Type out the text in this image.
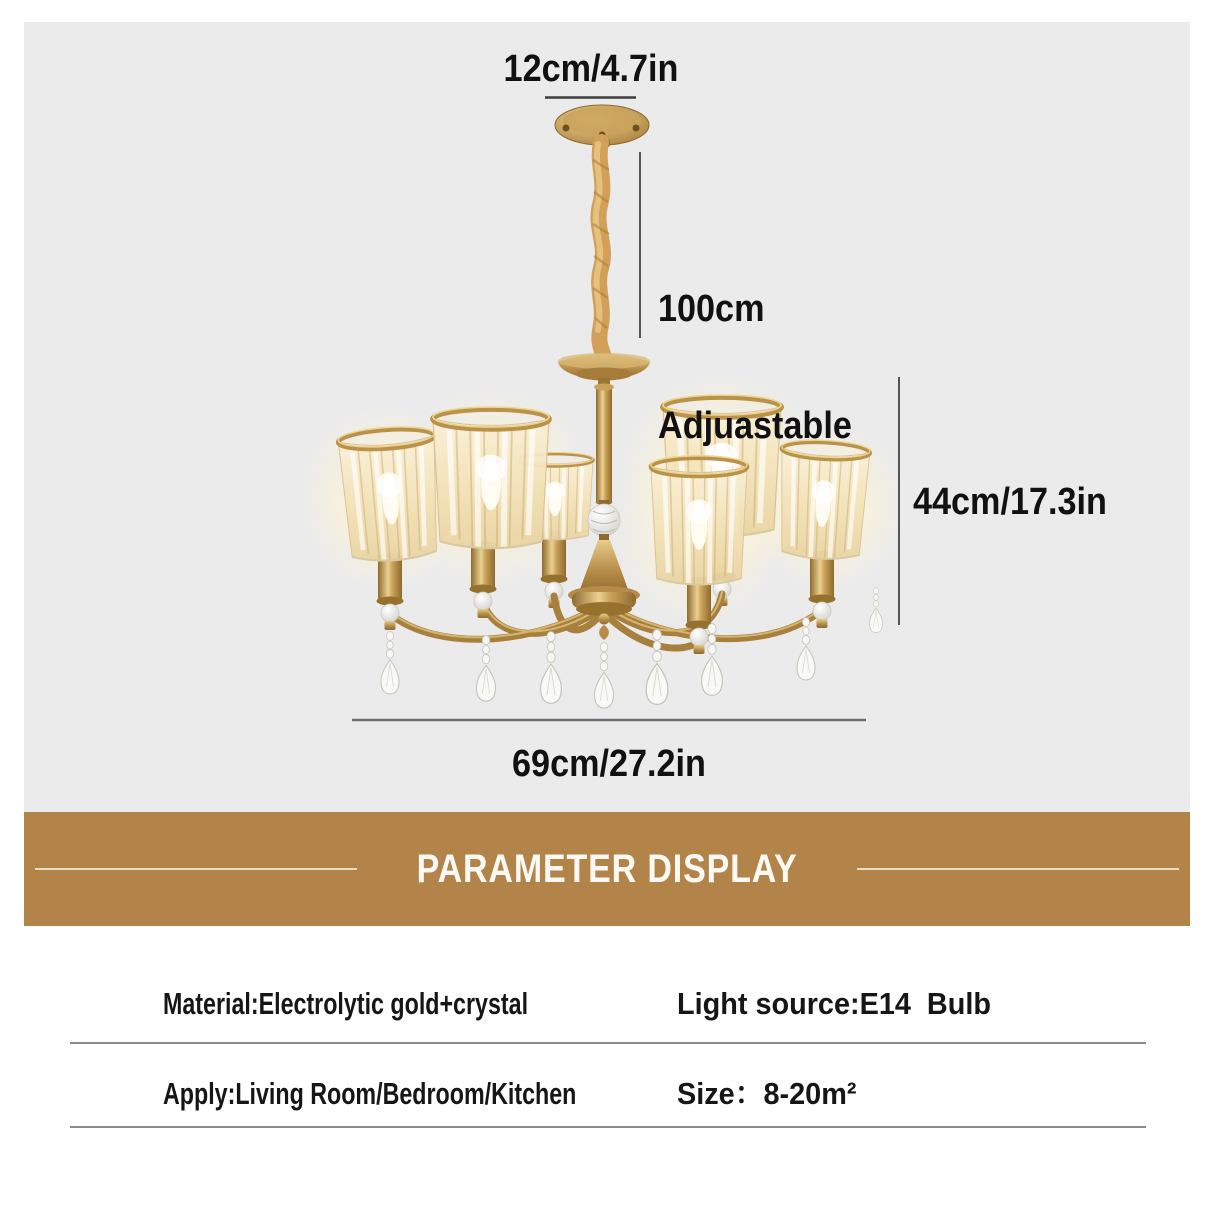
12cm/4.7in

100cm

Adjuastable

44cm/17.3in
69cm/27.2in
PARAMETER DISPLAY
Material:Electrolytic gold+crystal	Light source:E14  Bulb
Apply:Living Room/Bedroom/Kitchen	Size：8-20m²
